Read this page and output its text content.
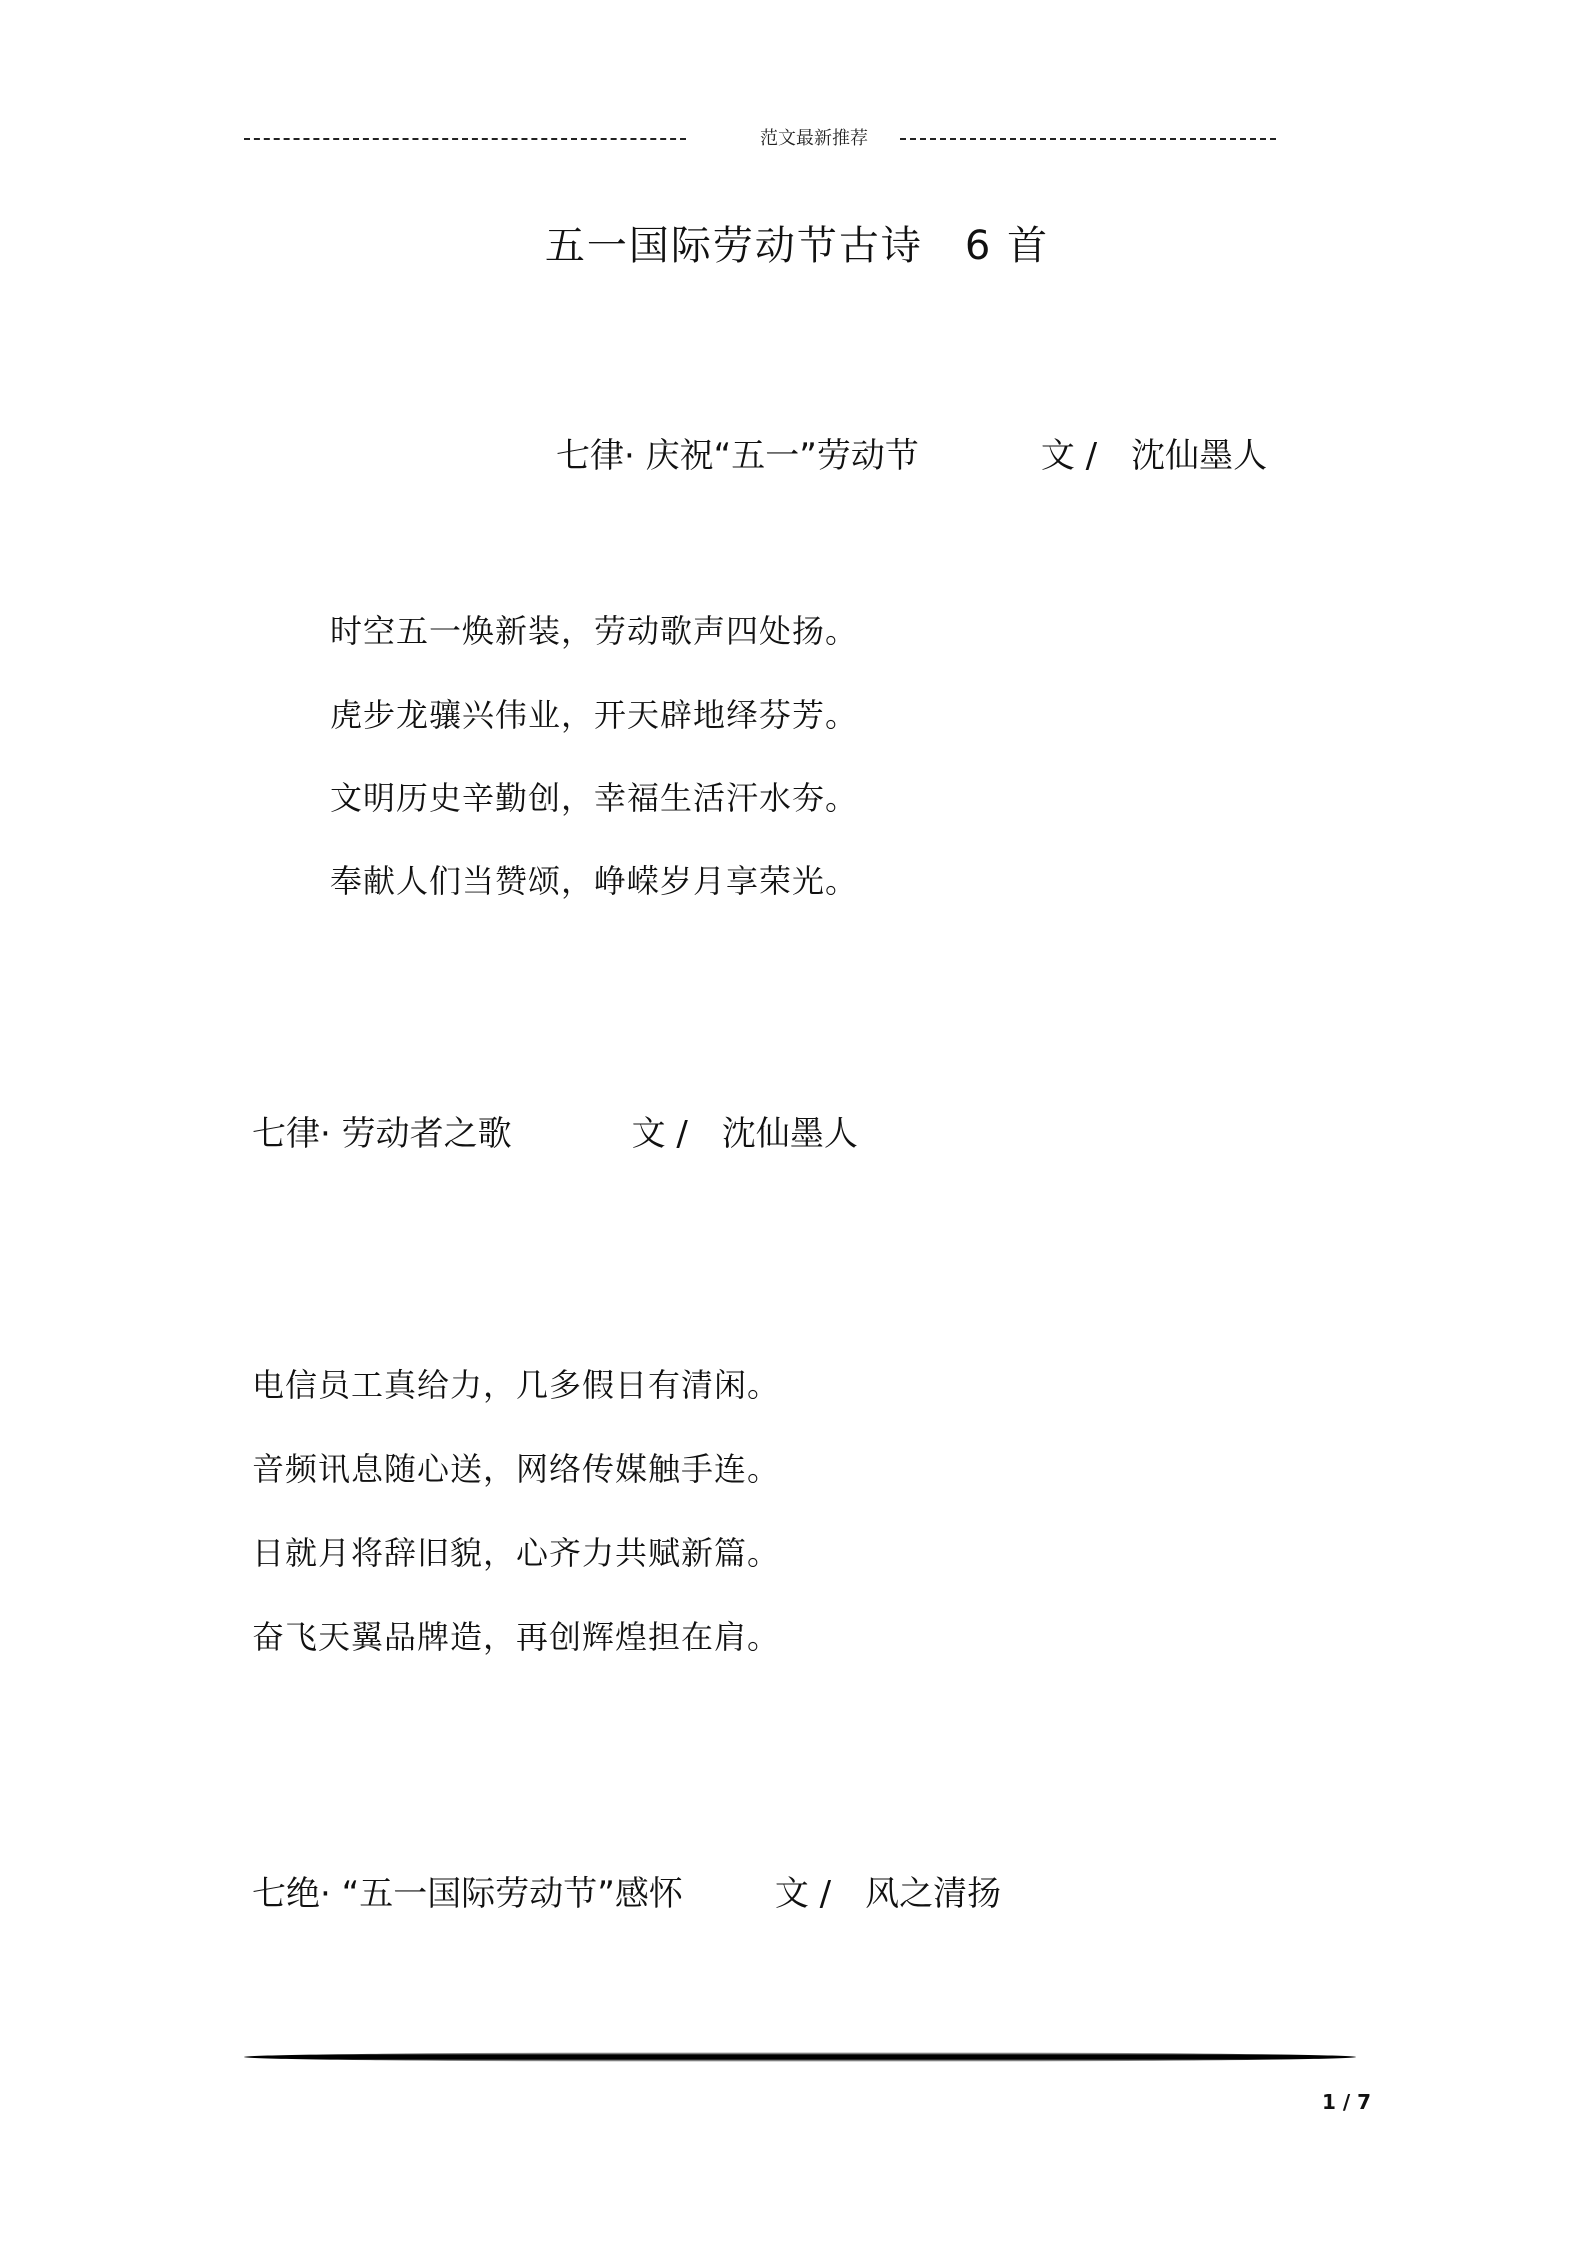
范文最新推荐
五一国际劳动节古诗　6 首
七律· 庆祝“五一”劳动节	文 /　沈仙墨人
时空五一焕新装，劳动歌声四处扬。
虎步龙骧兴伟业，开天辟地绎芬芳。
文明历史辛勤创，幸福生活汗水夯。
奉献人们当赞颂，峥嵘岁月享荣光。
七律· 劳动者之歌	文 /　沈仙墨人
电信员工真给力，几多假日有清闲。
音频讯息随心送，网络传媒触手连。
日就月将辞旧貌，心齐力共赋新篇。
奋飞天翼品牌造，再创辉煌担在肩。
七绝· “五一国际劳动节”感怀	文 /　风之清扬
1 / 7
